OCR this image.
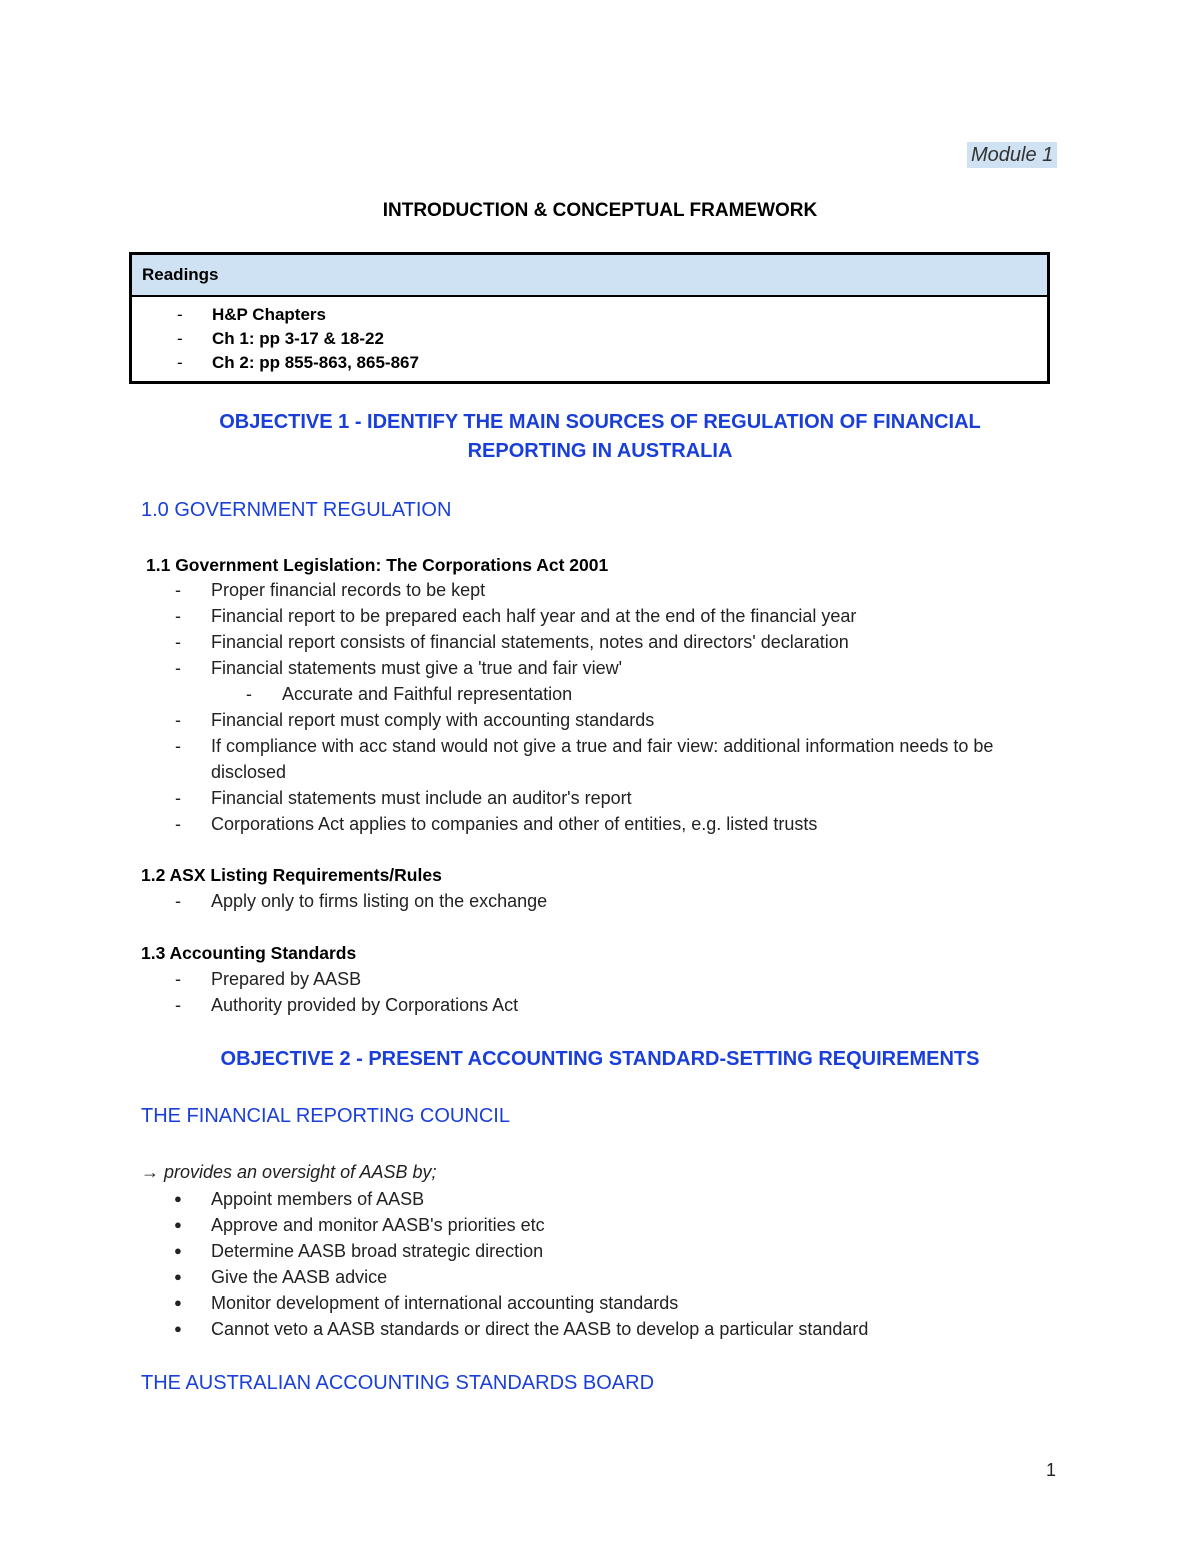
Module 1
INTRODUCTION & CONCEPTUAL FRAMEWORK
Readings
- H&P Chapters
- Ch 1: pp 3-17 & 18-22
- Ch 2: pp 855-863, 865-867
OBJECTIVE 1 - IDENTIFY THE MAIN SOURCES OF REGULATION OF FINANCIAL
REPORTING IN AUSTRALIA
1.0 GOVERNMENT REGULATION
1.1 Government Legislation: The Corporations Act 2001
- Proper financial records to be kept
- Financial report to be prepared each half year and at the end of the financial year
- Financial report consists of financial statements, notes and directors' declaration
- Financial statements must give a 'true and fair view'
- Accurate and Faithful representation
- Financial report must comply with accounting standards
- If compliance with acc stand would not give a true and fair view: additional information needs to be disclosed
- Financial statements must include an auditor's report
- Corporations Act applies to companies and other of entities, e.g. listed trusts
1.2 ASX Listing Requirements/Rules
- Apply only to firms listing on the exchange
1.3 Accounting Standards
- Prepared by AASB
- Authority provided by Corporations Act
OBJECTIVE 2 - PRESENT ACCOUNTING STANDARD-SETTING REQUIREMENTS
THE FINANCIAL REPORTING COUNCIL
→ provides an oversight of AASB by;
● Appoint members of AASB
● Approve and monitor AASB's priorities etc
● Determine AASB broad strategic direction
● Give the AASB advice
● Monitor development of international accounting standards
● Cannot veto a AASB standards or direct the AASB to develop a particular standard
THE AUSTRALIAN ACCOUNTING STANDARDS BOARD
1
